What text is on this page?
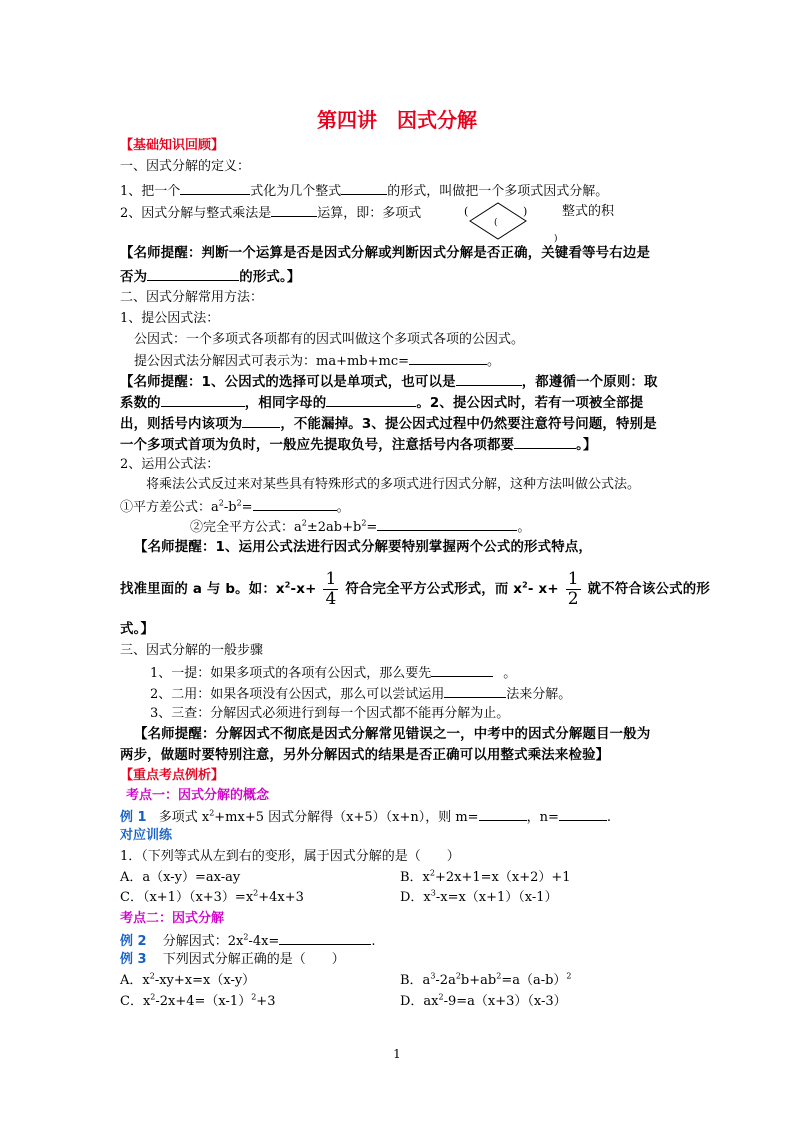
第四讲　因式分解
【基础知识回顾】
一、因式分解的定义：
1、把一个	式化为几个整式	的形式，叫做把一个多项式因式分解。
2、因式分解与整式乘法是	运算，即：多项式	(	)
(
)
整式的积
【名师提醒：判断一个运算是否是因式分解或判断因式分解是否正确，关键看等号右边是
否为	的形式。】
二、因式分解常用方法：
1、提公因式法：
公因式：一个多项式各项都有的因式叫做这个多项式各项的公因式。
提公因式法分解因式可表示为：ma+mb+mc=	。
【名师提醒：1、公因式的选择可以是单项式，也可以是	，都遵循一个原则：取
系数的	，相同字母的	。2、提公因式时，若有一项被全部提
出，则括号内该项为	，不能漏掉。3、提公因式过程中仍然要注意符号问题，特别是
一个多项式首项为负时，一般应先提取负号，注意括号内各项都要	。】
2、运用公式法：
将乘法公式反过来对某些具有特殊形式的多项式进行因式分解，这种方法叫做公式法。
①平方差公式：$a^2-b^2=$	。
②完全平方公式：$a^2\pm 2ab+b^2=$	。
【名师提醒：1、运用公式法进行因式分解要特别掌握两个公式的形式特点，
找准里面的 a 与 b。如：$x^2-x+ \frac{1}{4}$ 符合完全平方公式形式，而 $x^2-$ $x+ \frac{1}{2}$ 就不符合该公式的形
式。】
三、因式分解的一般步骤
1、一提：如果多项式的各项有公因式，那么要先	。
2、二用：如果各项没有公因式，那么可以尝试运用	法来分解。
3、三查：分解因式必须进行到每一个因式都不能再分解为止。
【名师提醒：分解因式不彻底是因式分解常见错误之一，中考中的因式分解题目一般为
两步，做题时要特别注意，另外分解因式的结果是否正确可以用整式乘法来检验】
【重点考点例析】
考点一：因式分解的概念
例 1 多项式 $x^2+mx+5$ 因式分解得（x+5）（x+n），则 m=	，n=	.
对应训练
1．（下列等式从左到右的变形，属于因式分解的是（　　）
A．a（x-y）=ax-ay	B．$x^2+2x+1=x(x+2)+1$
C．$(x+1)(x+3)=x^2+4x+3$	D．$x^3-x=x(x+1)(x-1)$
考点二：因式分解
例 2 分解因式：$2x^2-4x=$	.
例 3 下列因式分解正确的是（　　）
A．$x^2-xy+x=x(x-y)$	B．$a^3-2a^2b+ab^2=a(a-b)^2$
C．$x^2-2x+4=(x-1)^2+3$	D．$ax^2-9=a(x+3)(x-3)$
1
